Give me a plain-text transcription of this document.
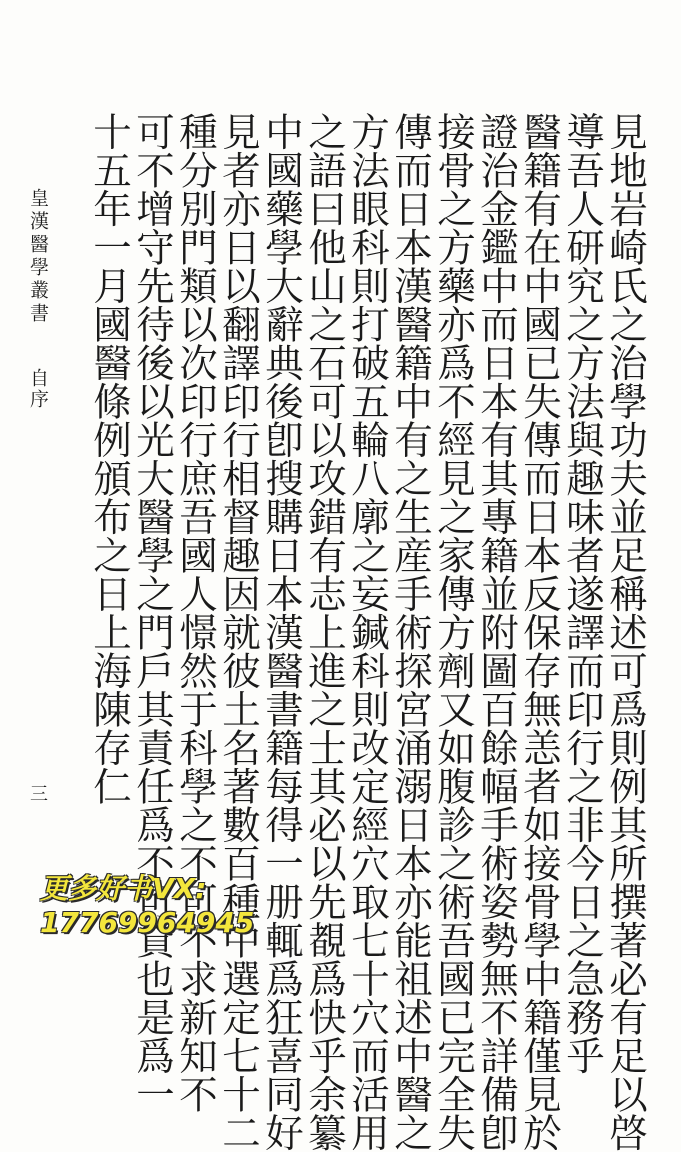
皇漢醫學叢書
自序
三	見地岩崎氏之治學功夫並足稱述可爲則例其所撰著必有足以啓
導吾人研究之方法與趣味者遂譯而印行之非今日之急務乎
醫籍有在中國已失傳而日本反保存無恙者如接骨學中籍僅見於
證治金鑑中而日本有其專籍並附圖百餘幅手術姿勢無不詳備卽
接骨之方藥亦爲不經見之家傳方劑又如腹診之術吾國已完全失
傳而日本漢醫籍中有之生産手術探宮涌溺日本亦能祖述中醫之
方法眼科則打破五輪八廓之妄鍼科則改定經穴取七十穴而活用
之語曰他山之石可以攻錯有志上進之士其必以先覩爲快乎余纂
中國藥學大辭典後卽搜購日本漢醫書籍每得一册輒爲狂喜同好
見者亦日以翻譯印行相督趣因就彼土名著數百種中選定七十二
種分別門類以次印行庶吾國人憬然于科學之不可不求新知不
可不增守先待後以光大醫學之門戶其責任爲不可貸也是爲一
十五年一月國醫條例頒布之日上海陳存仁
更多好书VX:
17769964945
